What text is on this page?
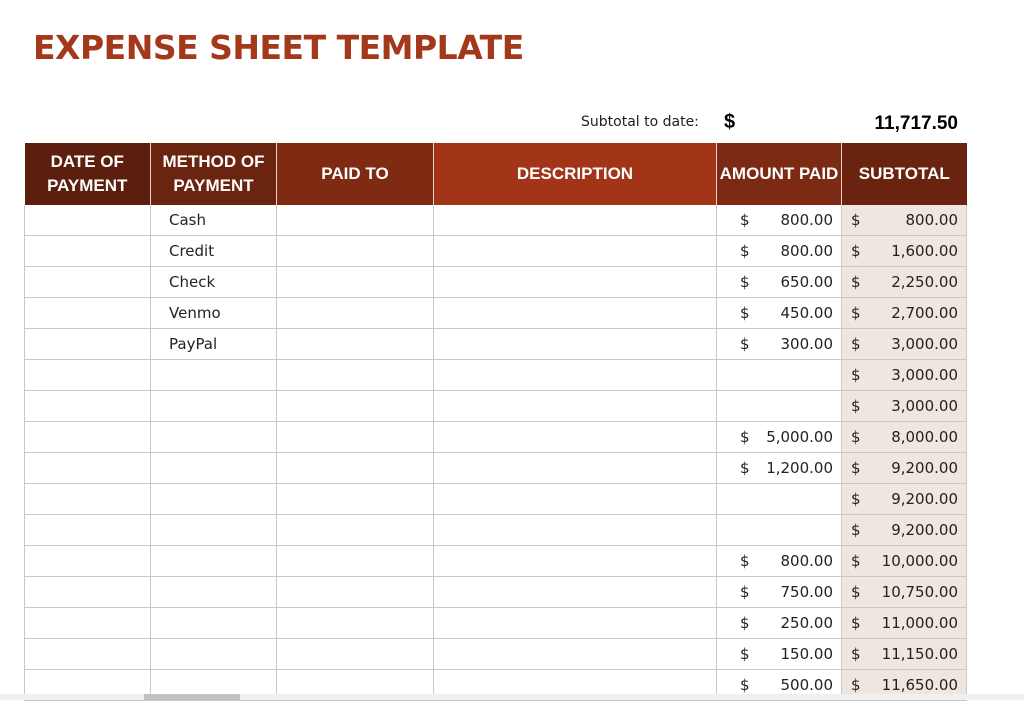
EXPENSE SHEET TEMPLATE
Subtotal to date: $	11,717.50
DATE OF PAYMENT	METHOD OF PAYMENT	PAID TO	DESCRIPTION	AMOUNT PAID	SUBTOTAL
	Cash			$ 800.00	$ 800.00

	Credit			$ 800.00	$ 1,600.00

	Check			$ 650.00	$ 2,250.00

	Venmo			$ 450.00	$ 2,700.00

	PayPal			$ 300.00	$ 3,000.00

					$ 3,000.00

					$ 3,000.00

				$ 5,000.00	$ 8,000.00

				$ 1,200.00	$ 9,200.00

					$ 9,200.00

					$ 9,200.00

				$ 800.00	$ 10,000.00

				$ 750.00	$ 10,750.00

				$ 250.00	$ 11,000.00

				$ 150.00	$ 11,150.00

				$ 500.00	$ 11,650.00
